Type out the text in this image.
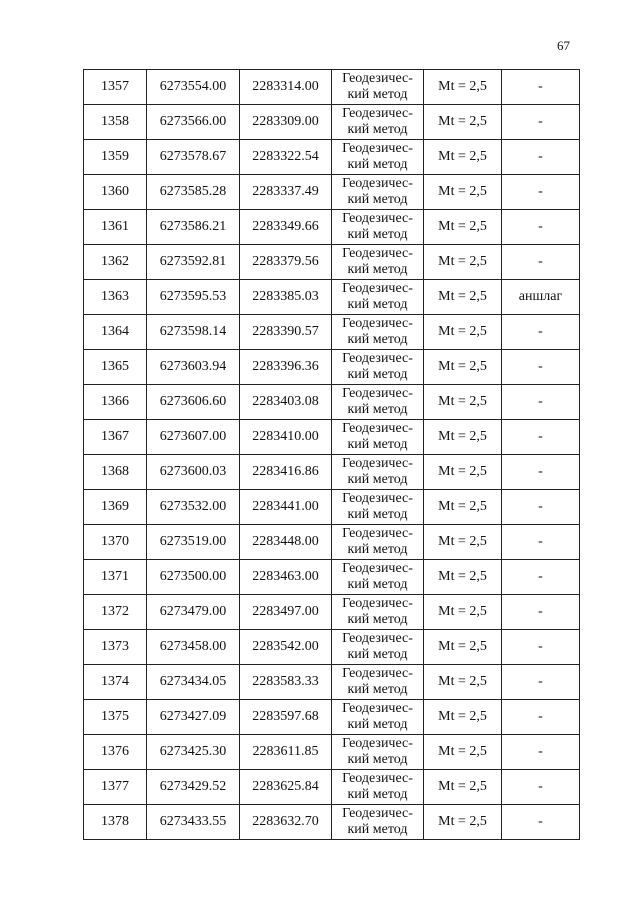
67
1357	6273554.00	2283314.00	Геодезичес-
кий метод	Mt = 2,5	-
1358	6273566.00	2283309.00	Геодезичес-
кий метод	Mt = 2,5	-
1359	6273578.67	2283322.54	Геодезичес-
кий метод	Mt = 2,5	-
1360	6273585.28	2283337.49	Геодезичес-
кий метод	Mt = 2,5	-
1361	6273586.21	2283349.66	Геодезичес-
кий метод	Mt = 2,5	-
1362	6273592.81	2283379.56	Геодезичес-
кий метод	Mt = 2,5	-
1363	6273595.53	2283385.03	Геодезичес-
кий метод	Mt = 2,5	аншлаг
1364	6273598.14	2283390.57	Геодезичес-
кий метод	Mt = 2,5	-
1365	6273603.94	2283396.36	Геодезичес-
кий метод	Mt = 2,5	-
1366	6273606.60	2283403.08	Геодезичес-
кий метод	Mt = 2,5	-
1367	6273607.00	2283410.00	Геодезичес-
кий метод	Mt = 2,5	-
1368	6273600.03	2283416.86	Геодезичес-
кий метод	Mt = 2,5	-
1369	6273532.00	2283441.00	Геодезичес-
кий метод	Mt = 2,5	-
1370	6273519.00	2283448.00	Геодезичес-
кий метод	Mt = 2,5	-
1371	6273500.00	2283463.00	Геодезичес-
кий метод	Mt = 2,5	-
1372	6273479.00	2283497.00	Геодезичес-
кий метод	Mt = 2,5	-
1373	6273458.00	2283542.00	Геодезичес-
кий метод	Mt = 2,5	-
1374	6273434.05	2283583.33	Геодезичес-
кий метод	Mt = 2,5	-
1375	6273427.09	2283597.68	Геодезичес-
кий метод	Mt = 2,5	-
1376	6273425.30	2283611.85	Геодезичес-
кий метод	Mt = 2,5	-
1377	6273429.52	2283625.84	Геодезичес-
кий метод	Mt = 2,5	-
1378	6273433.55	2283632.70	Геодезичес-
кий метод	Mt = 2,5	-
